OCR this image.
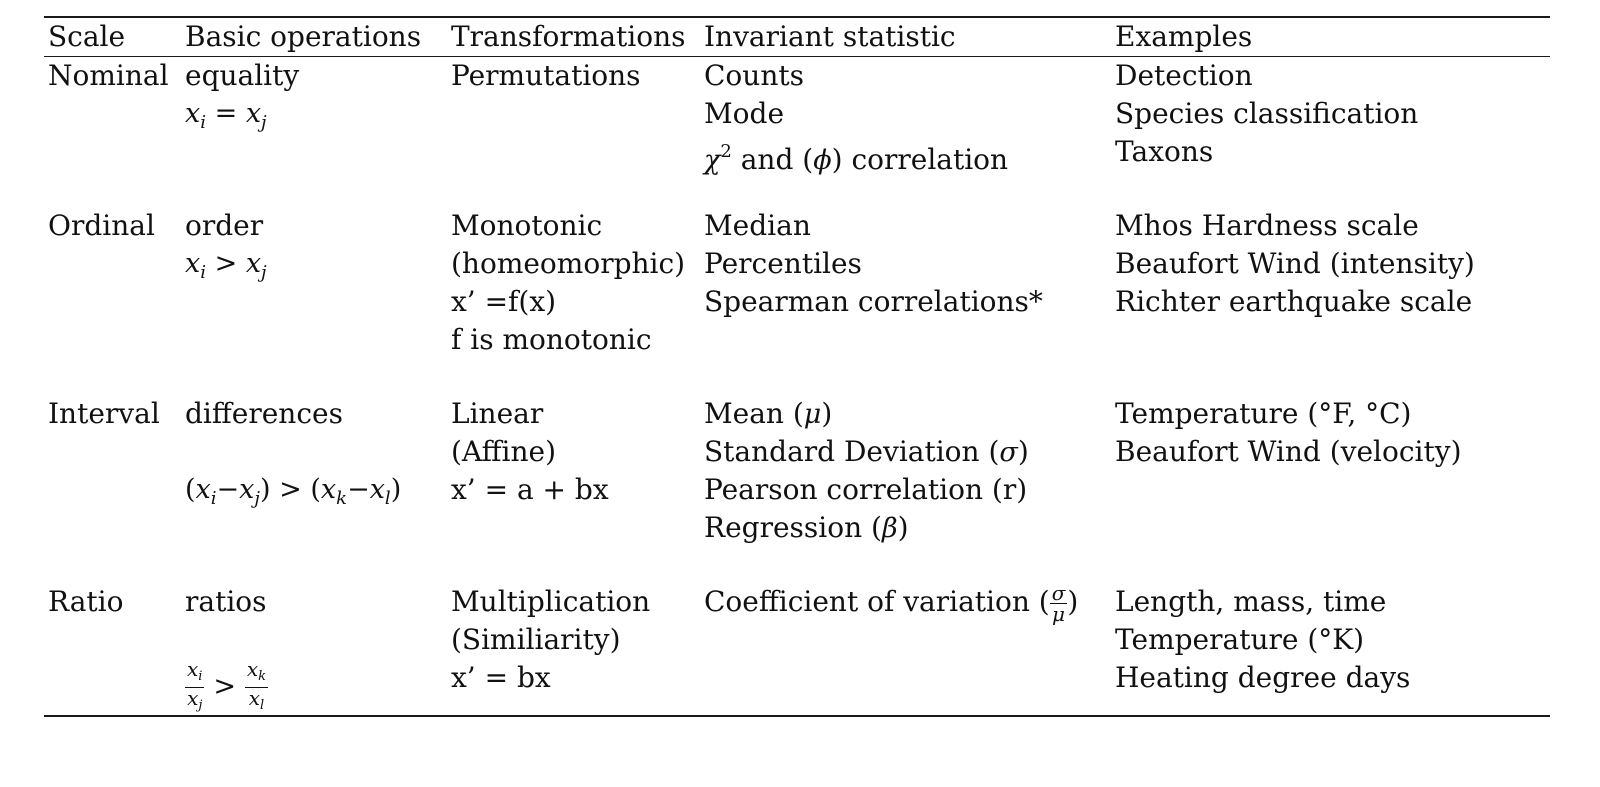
Scale Basic operations Transformations Invariant statistic	Examples
Nominal equality
$x_i = x_j$
Permutations Counts
Mode
$\chi^2$ and (ϕ) correlation
Detection
Species classification
Taxons
Ordinal order
$x_i > x_j$
Monotonic
(homeomorphic)
x’ =f(x)
f is monotonic
Median
Percentiles
Spearman correlations*
Mhos Hardness scale
Beaufort Wind (intensity)
Richter earthquake scale
Interval differences
$(x_i-x_j) > (x_k-x_l)$
Linear
(Affine)
x’ = a + bx
Mean (μ)
Standard Deviation (σ)
Pearson correlation (r)
Regression (β)
Temperature (°F, °C)
Beaufort Wind (velocity)
Ratio ratios
$\frac{x_i}{x_j} > \frac{x_k}{x_l}$
Multiplication
(Similiarity)
x’ = bx
Coefficient of variation ( $\frac{\sigma}{\mu}$ ) Length, mass, time
Temperature (°K)
Heating degree days
